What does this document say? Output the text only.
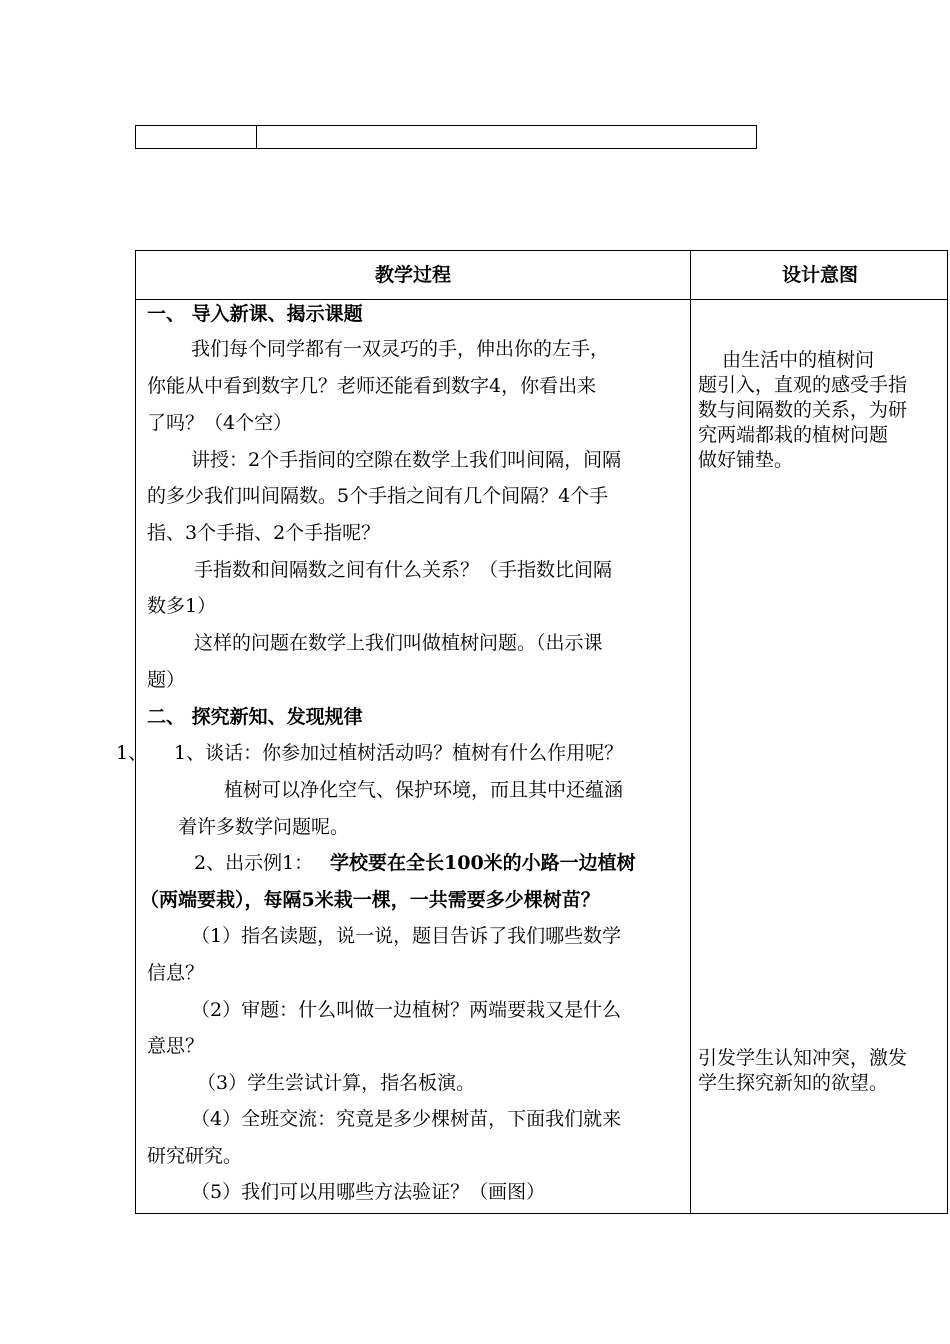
教学过程	设计意图
一、 导入新课、揭示课题
我们每个同学都有一双灵巧的手，伸出你的左手，
你能从中看到数字几？老师还能看到数字4，你看出来
了吗？（4个空）
讲授：2个手指间的空隙在数学上我们叫间隔，间隔
的多少我们叫间隔数。5个手指之间有几个间隔？4个手
指、3个手指、2个手指呢？
手指数和间隔数之间有什么关系？（手指数比间隔
数多1）
这样的问题在数学上我们叫做植树问题。（出示课
题）
二、 探究新知、发现规律
1、 1、谈话：你参加过植树活动吗？植树有什么作用呢？
植树可以净化空气、保护环境，而且其中还蕴涵
着许多数学问题呢。
2、出示例1： 学校要在全长100米的小路一边植树
（两端要栽），每隔5米栽一棵，一共需要多少棵树苗？
（1）指名读题，说一说，题目告诉了我们哪些数学
信息？
（2）审题：什么叫做一边植树？两端要栽又是什么
意思？
（3）学生尝试计算，指名板演。
（4）全班交流：究竟是多少棵树苗，下面我们就来
研究研究。
（5）我们可以用哪些方法验证？（画图）
由生活中的植树问
题引入，直观的感受手指
数与间隔数的关系，为研
究两端都栽的植树问题
做好铺垫。
引发学生认知冲突，激发
学生探究新知的欲望。
